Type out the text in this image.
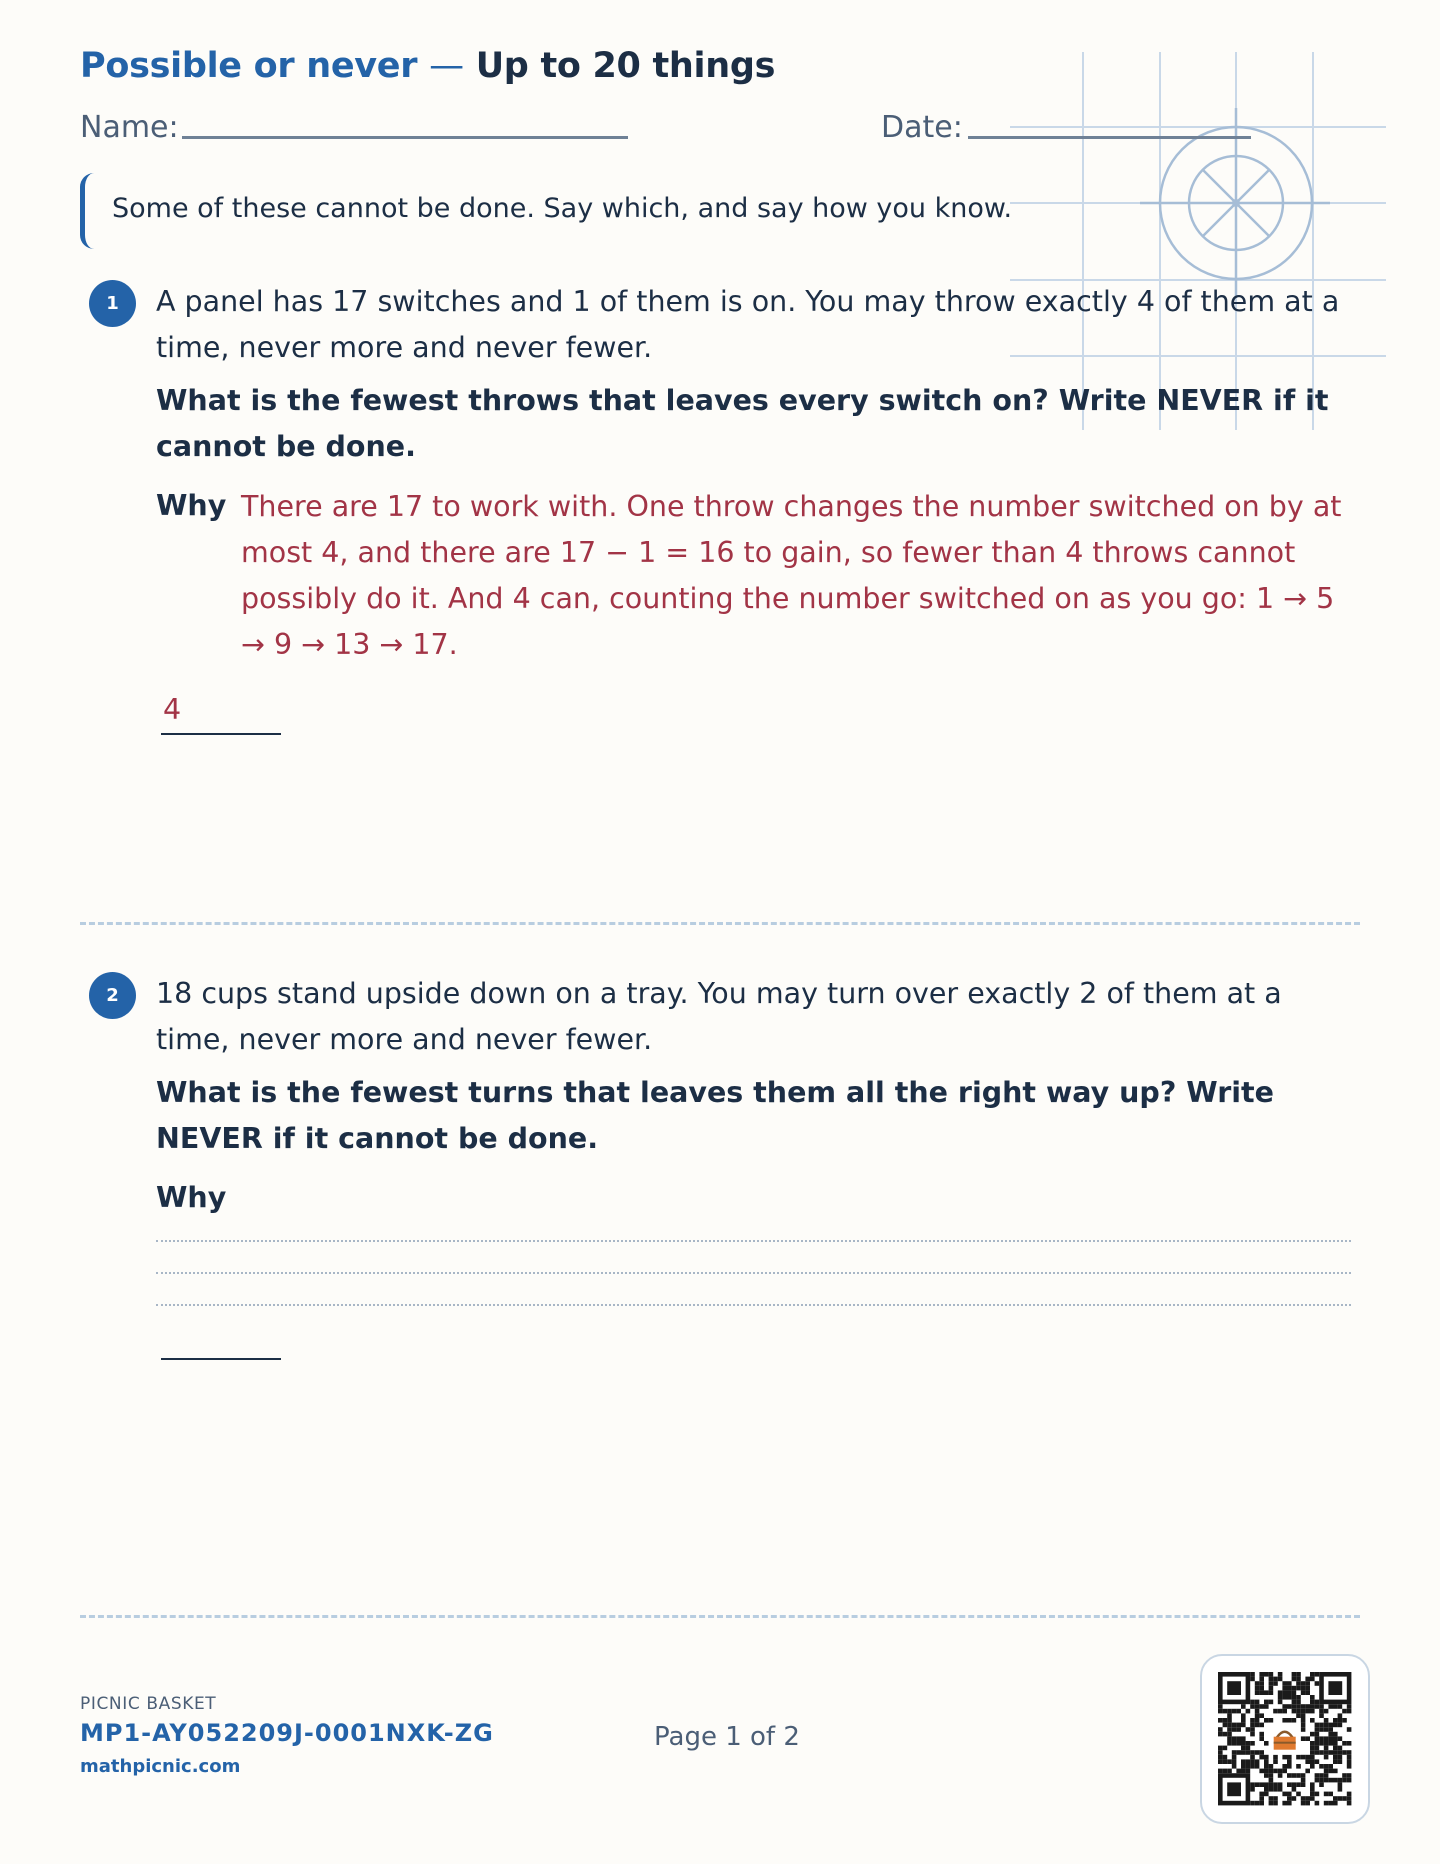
Possible or never — Up to 20 things
Name:	Date:
Some of these cannot be done. Say which, and say how you know.
1	A panel has 17 switches and 1 of them is on. You may throw exactly 4 of them at a time, never more and never fewer.
What is the fewest throws that leaves every switch on? Write NEVER if it cannot be done.
Why There are 17 to work with. One throw changes the number switched on by at most 4, and there are 17 − 1 = 16 to gain, so fewer than 4 throws cannot possibly do it. And 4 can, counting the number switched on as you go: 1 → 5 → 9 → 13 → 17.
4
2	18 cups stand upside down on a tray. You may turn over exactly 2 of them at a time, never more and never fewer.
What is the fewest turns that leaves them all the right way up? Write NEVER if it cannot be done.
Why
PICNIC BASKET
MP1-AY052209J-0001NXK-ZG
mathpicnic.com
Page 1 of 2
